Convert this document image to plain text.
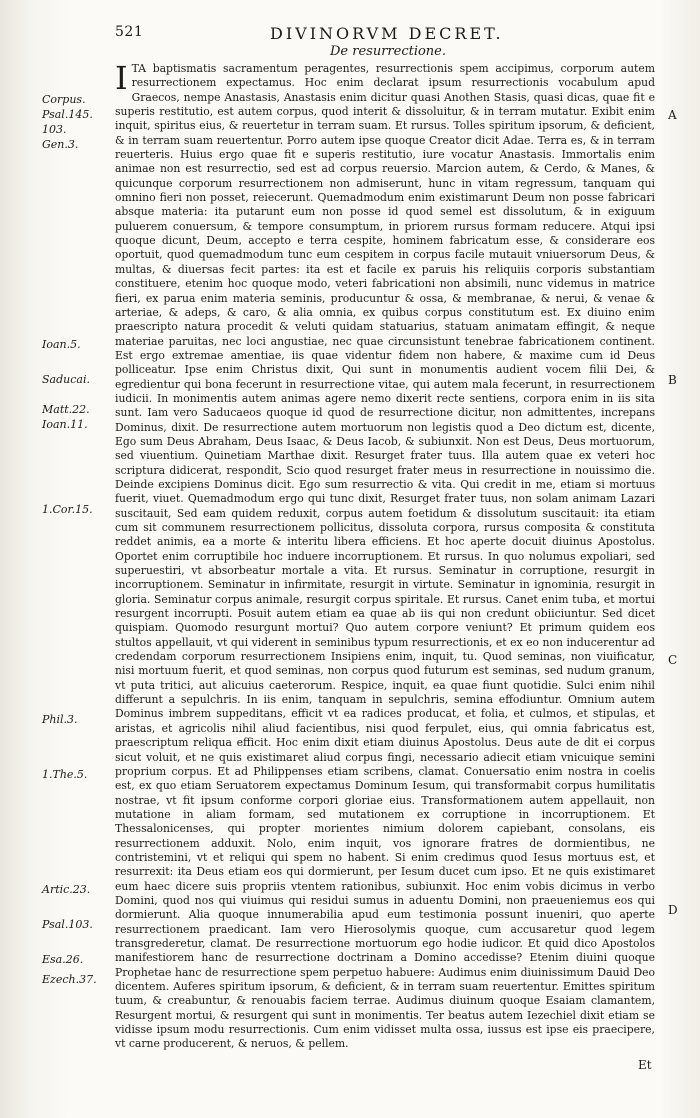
521	DIVINORVM DECRET.
De resurrectione.

ITA baptismatis sacramentum peragentes, resurrectionis spem accipimus, corporum autem resurrectionem expectamus. Hoc enim declarat ipsum resurrectionis vocabulum apud Graecos, nempe Anastasis, Anastasis enim dicitur quasi Anothen Stasis, quasi dicas, quae fit e superis restitutio, est autem corpus, quod interit & dissoluitur, & in terram mutatur. Exibit enim inquit, spiritus eius, & reuertetur in terram suam. Et rursus. Tolles spiritum ipsorum, & deficient, & in terram suam reuertentur. Porro autem ipse quoque Creator dicit Adae. Terra es, & in terram reuerteris. Huius ergo quae fit e superis restitutio, iure vocatur Anastasis. Immortalis enim animae non est resurrectio, sed est ad corpus reuersio. Marcion autem, & Cerdo, & Manes, & quicunque corporum resurrectionem non admiserunt, hunc in vitam regressum, tanquam qui omnino fieri non posset, reiecerunt. Quemadmodum enim existimarunt Deum non posse fabricari absque materia: ita putarunt eum non posse id quod semel est dissolutum, & in exiguum puluerem conuersum, & tempore consumptum, in priorem rursus formam reducere. Atqui ipsi quoque dicunt, Deum, accepto e terra cespite, hominem fabricatum esse, & considerare eos oportuit, quod quemadmodum tunc eum cespitem in corpus facile mutauit vniuersorum Deus, & multas, & diuersas fecit partes: ita est et facile ex paruis his reliquiis corporis substantiam constituere, etenim hoc quoque modo, veteri fabricationi non absimili, nunc videmus in matrice fieri, ex parua enim materia seminis, producuntur & ossa, & membranae, & nerui, & venae & arteriae, & adeps, & caro, & alia omnia, ex quibus corpus constitutum est. Ex diuino enim praescripto natura procedit & veluti quidam statuarius, statuam animatam effingit, & neque materiae paruitas, nec loci angustiae, nec quae circunsistunt tenebrae fabricationem continent. Est ergo extremae amentiae, iis quae videntur fidem non habere, & maxime cum id Deus polliceatur. Ipse enim Christus dixit, Qui sunt in monumentis audient vocem filii Dei, & egredientur qui bona fecerunt in resurrectione vitae, qui autem mala fecerunt, in resurrectionem iudicii. In monimentis autem animas agere nemo dixerit recte sentiens, corpora enim in iis sita sunt. Iam vero Saducaeos quoque id quod de resurrectione dicitur, non admittentes, increpans Dominus, dixit. De resurrectione autem mortuorum non legistis quod a Deo dictum est, dicente, Ego sum Deus Abraham, Deus Isaac, & Deus Iacob, & subiunxit. Non est Deus, Deus mortuorum, sed viuentium. Quinetiam Marthae dixit. Resurget frater tuus. Illa autem quae ex veteri hoc scriptura didicerat, respondit, Scio quod resurget frater meus in resurrectione in nouissimo die. Deinde excipiens Dominus dicit. Ego sum resurrectio & vita. Qui credit in me, etiam si mortuus fuerit, viuet. Quemadmodum ergo qui tunc dixit, Resurget frater tuus, non solam animam Lazari suscitauit, Sed eam quidem reduxit, corpus autem foetidum & dissolutum suscitauit: ita etiam cum sit communem resurrectionem pollicitus, dissoluta corpora, rursus composita & constituta reddet animis, ea a morte & interitu libera efficiens. Et hoc aperte docuit diuinus Apostolus. Oportet enim corruptibile hoc induere incorruptionem. Et rursus. In quo nolumus expoliari, sed superuestiri, vt absorbeatur mortale a vita. Et rursus. Seminatur in corruptione, resurgit in incorruptionem. Seminatur in infirmitate, resurgit in virtute. Seminatur in ignominia, resurgit in gloria. Seminatur corpus animale, resurgit corpus spiritale. Et rursus. Canet enim tuba, et mortui resurgent incorrupti. Posuit autem etiam ea quae ab iis qui non credunt obiiciuntur. Sed dicet quispiam. Quomodo resurgunt mortui? Quo autem corpore veniunt? Et primum quidem eos stultos appellauit, vt qui viderent in seminibus typum resurrectionis, et ex eo non inducerentur ad credendam corporum resurrectionem Insipiens enim, inquit, tu. Quod seminas, non viuificatur, nisi mortuum fuerit, et quod seminas, non corpus quod futurum est seminas, sed nudum granum, vt puta tritici, aut alicuius caeterorum. Respice, inquit, ea quae fiunt quotidie. Sulci enim nihil differunt a sepulchris. In iis enim, tanquam in sepulchris, semina effodiuntur. Omnium autem Dominus imbrem suppeditans, efficit vt ea radices producat, et folia, et culmos, et stipulas, et aristas, et agricolis nihil aliud facientibus, nisi quod ferpulet, eius, qui omnia fabricatus est, praescriptum reliqua efficit. Hoc enim dixit etiam diuinus Apostolus. Deus aute de dit ei corpus sicut voluit, et ne quis existimaret aliud corpus fingi, necessario adiecit etiam vnicuique semini proprium corpus. Et ad Philippenses etiam scribens, clamat. Conuersatio enim nostra in coelis est, ex quo etiam Seruatorem expectamus Dominum Iesum, qui transformabit corpus humilitatis nostrae, vt fit ipsum conforme corpori gloriae eius. Transformationem autem appellauit, non mutatione in aliam formam, sed mutationem ex corruptione in incorruptionem. Et Thessalonicenses, qui propter morientes nimium dolorem capiebant, consolans, eis resurrectionem adduxit. Nolo, enim inquit, vos ignorare fratres de dormientibus, ne contristemini, vt et reliqui qui spem no habent. Si enim credimus quod Iesus mortuus est, et resurrexit: ita Deus etiam eos qui dormierunt, per Iesum ducet cum ipso. Et ne quis existimaret eum haec dicere suis propriis vtentem rationibus, subiunxit. Hoc enim vobis dicimus in verbo Domini, quod nos qui viuimus qui residui sumus in aduentu Domini, non praeueniemus eos qui dormierunt. Alia quoque innumerabilia apud eum testimonia possunt inueniri, quo aperte resurrectionem praedicant. Iam vero Hierosolymis quoque, cum accusaretur quod legem transgrederetur, clamat. De resurrectione mortuorum ego hodie iudicor. Et quid dico Apostolos manifestiorem hanc de resurrectione doctrinam a Domino accedisse? Etenim diuini quoque Prophetae hanc de resurrectione spem perpetuo habuere: Audimus enim diuinissimum Dauid Deo dicentem. Auferes spiritum ipsorum, & deficient, & in terram suam reuertentur. Emittes spiritum tuum, & creabuntur, & renouabis faciem terrae. Audimus diuinum quoque Esaiam clamantem, Resurgent mortui, & resurgent qui sunt in monimentis. Ter beatus autem Iezechiel dixit etiam se vidisse ipsum modu resurrectionis. Cum enim vidisset multa ossa, iussus est ipse eis praecipere, vt carne producerent, & neruos, & pellem.

Corpus.
Psal.145.
103.
Gen.3.
Ioan.5.
Saducai.
Matt.22.
Ioan.11.
1.Cor.15.
Phil.3.
1.The.5.
Artic.23.
Psal.103.
Esa.26.
Ezech.37.
A
B
C
D
Et
